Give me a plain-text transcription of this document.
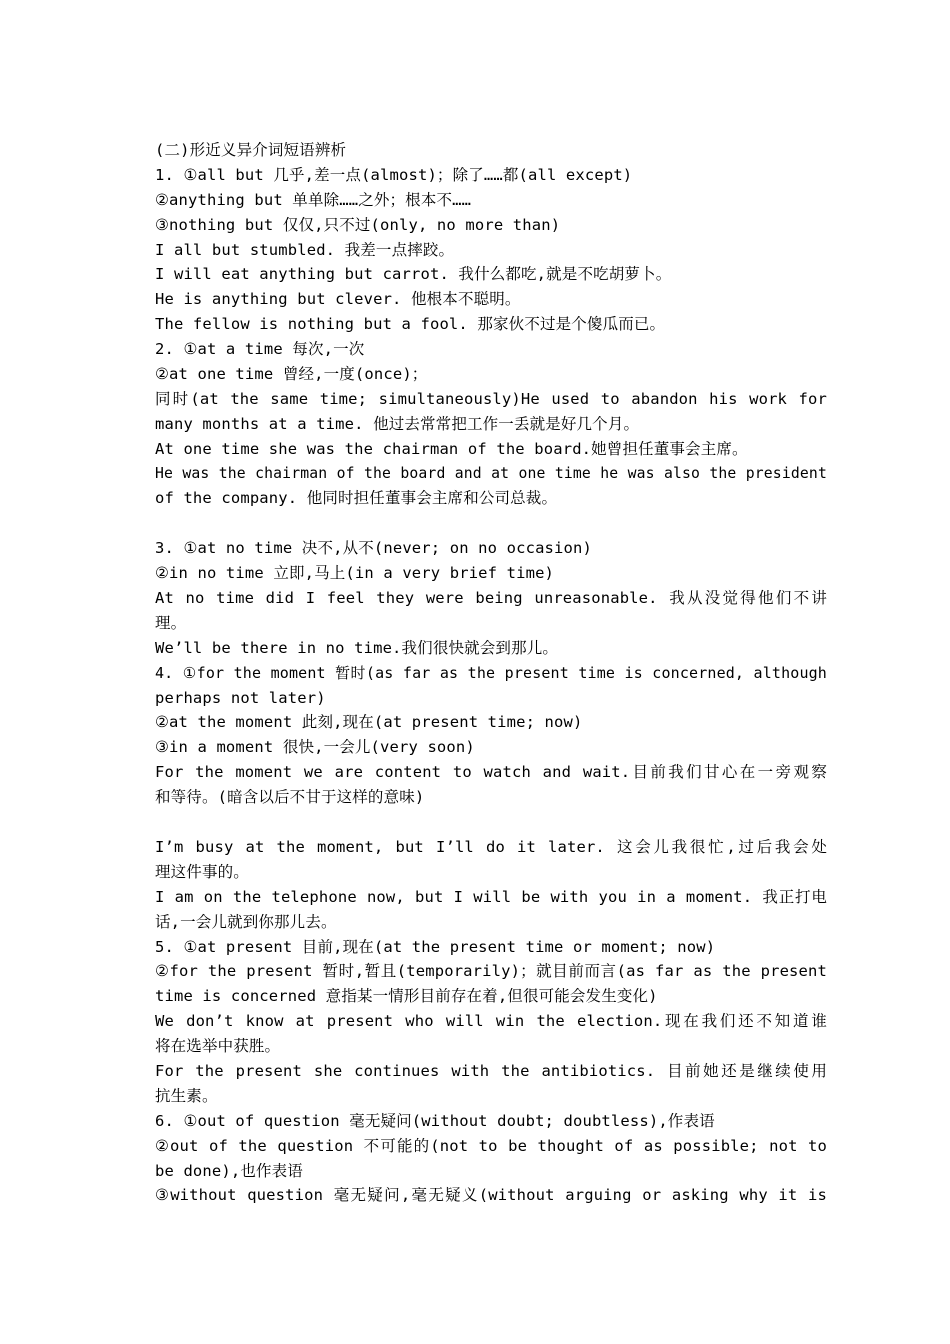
(二)形近义异介词短语辨析
1. ①all but 几乎,差一点(almost)；除了……都(all except)
②anything but 单单除……之外；根本不……
③nothing but 仅仅,只不过(only, no more than)
I all but stumbled. 我差一点摔跤。
I will eat anything but carrot. 我什么都吃,就是不吃胡萝卜。
He is anything but clever. 他根本不聪明。
The fellow is nothing but a fool. 那家伙不过是个傻瓜而已。
2. ①at a time 每次,一次
②at one time 曾经,一度(once)；
同时(at the same time; simultaneously)He used to abandon his work for
many months at a time. 他过去常常把工作一丢就是好几个月。
At one time she was the chairman of the board.她曾担任董事会主席。
He was the chairman of the board and at one time he was also the president
of the company. 他同时担任董事会主席和公司总裁。
3. ①at no time 决不,从不(never; on no occasion)
②in no time 立即,马上(in a very brief time)
At no time did I feel they were being unreasonable. 我从没觉得他们不讲
理。
We’ll be there in no time.我们很快就会到那儿。
4. ①for the moment 暂时(as far as the present time is concerned, although
perhaps not later)
②at the moment 此刻,现在(at present time; now)
③in a moment 很快,一会儿(very soon)
For the moment we are content to watch and wait.目前我们甘心在一旁观察
和等待。(暗含以后不甘于这样的意味)
I’m busy at the moment, but I’ll do it later. 这会儿我很忙,过后我会处
理这件事的。
I am on the telephone now, but I will be with you in a moment. 我正打电
话,一会儿就到你那儿去。
5. ①at present 目前,现在(at the present time or moment; now)
②for the present 暂时,暂且(temporarily)；就目前而言(as far as the present
time is concerned 意指某一情形目前存在着,但很可能会发生变化)
We don’t know at present who will win the election.现在我们还不知道谁
将在选举中获胜。
For the present she continues with the antibiotics. 目前她还是继续使用
抗生素。
6. ①out of question 毫无疑问(without doubt; doubtless),作表语
②out of the question 不可能的(not to be thought of as possible; not to
be done),也作表语
③without question 毫无疑问,毫无疑义(without arguing or asking why it is
